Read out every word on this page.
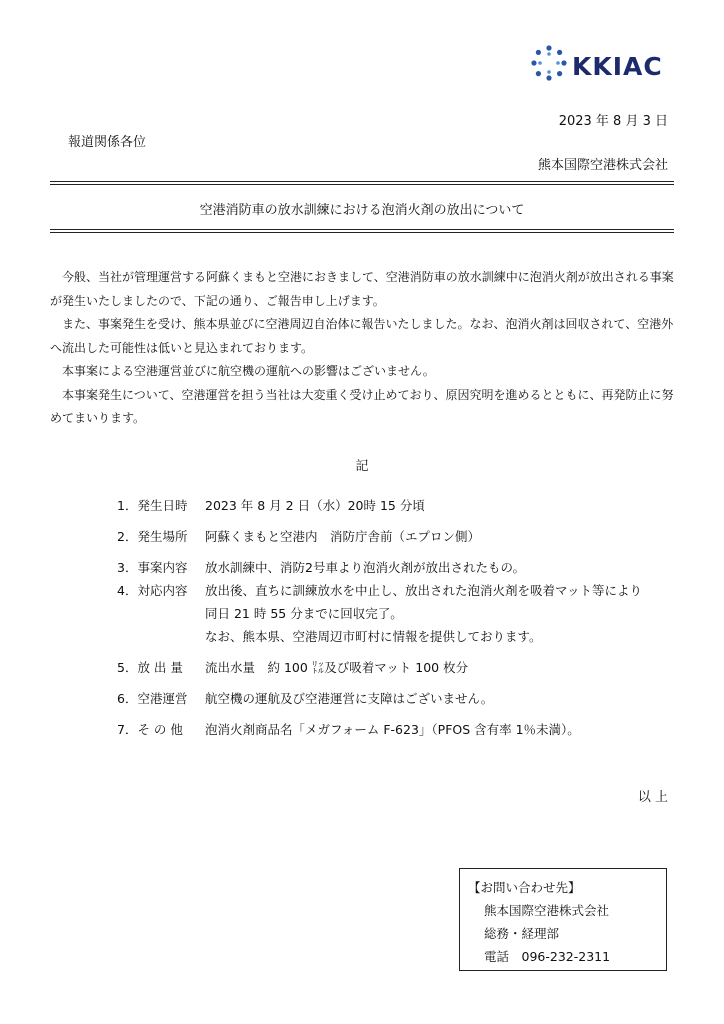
KKIAC
2023 年 8 月 3 日
報道関係各位
熊本国際空港株式会社
空港消防車の放水訓練における泡消火剤の放出について

今般、当社が管理運営する阿蘇くまもと空港におきまして、空港消防車の放水訓練中に泡消火剤が放出される事案が発生いたしましたので、下記の通り、ご報告申し上げます。

また、事案発生を受け、熊本県並びに空港周辺自治体に報告いたしました。なお、泡消火剤は回収されて、空港外へ流出した可能性は低いと見込まれております。

本事案による空港運営並びに航空機の運航への影響はございません。

本事案発生について、空港運営を担う当社は大変重く受け止めており、原因究明を進めるとともに、再発防止に努めてまいります。

記
1．発生日時 2023 年 8 月 2 日（水）20時 15 分頃
2．発生場所 阿蘇くまもと空港内　消防庁舎前（エプロン側）
3．事案内容 放水訓練中、消防2号車より泡消火剤が放出されたもの。
4．対応内容 放出後、直ちに訓練放水を中止し、放出された泡消火剤を吸着マット等により
同日 21 時 55 分までに回収完了。
なお、熊本県、空港周辺市町村に情報を提供しております。
5．放 出 量 流出水量　約 100 ㍑及び吸着マット 100 枚分
6．空港運営 航空機の運航及び空港運営に支障はございません。
7．そ の 他 泡消火剤商品名「メガフォーム F-623」（PFOS 含有率 1％未満）。
以 上
【お問い合わせ先】
熊本国際空港株式会社
総務・経理部
電話　096-232-2311
